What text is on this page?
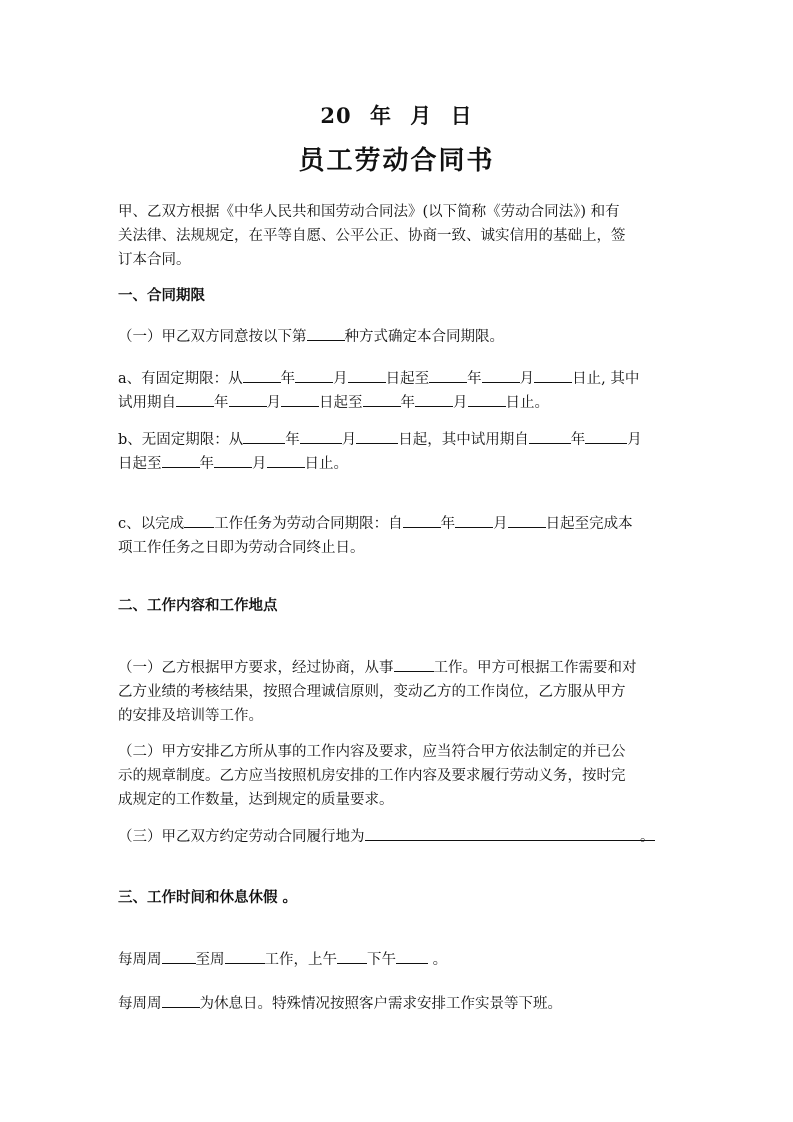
20 年 月 日
员工劳动合同书
甲、乙双方根据《中华人民共和国劳动合同法》(以下简称《劳动合同法》) 和有
关法律、法规规定，在平等自愿、公平公正、协商一致、诚实信用的基础上，签
订本合同。
一、合同期限
（一）甲乙双方同意按以下第	种方式确定本合同期限。
a、有固定期限：从	年	月	日起至	年	月	日止, 其中
试用期自	年	月	日起至	年	月	日止。
b、无固定期限：从	年	月	日起，其中试用期自	年	月
日起至	年	月	日止。
c、以完成 工作任务为劳动合同期限：自	年	月	日起至完成本
项工作任务之日即为劳动合同终止日。
二、工作内容和工作地点
（一）乙方根据甲方要求，经过协商，从事	工作。甲方可根据工作需要和对
乙方业绩的考核结果，按照合理诚信原则，变动乙方的工作岗位，乙方服从甲方
的安排及培训等工作。
（二）甲方安排乙方所从事的工作内容及要求，应当符合甲方依法制定的并已公
示的规章制度。乙方应当按照机房安排的工作内容及要求履行劳动义务，按时完
成规定的工作数量，达到规定的质量要求。
（三）甲乙双方约定劳动合同履行地为	。
三、工作时间和休息休假 。
每周周 至周	工作，上午 下午 。
每周周	为休息日。特殊情况按照客户需求安排工作实景等下班。
